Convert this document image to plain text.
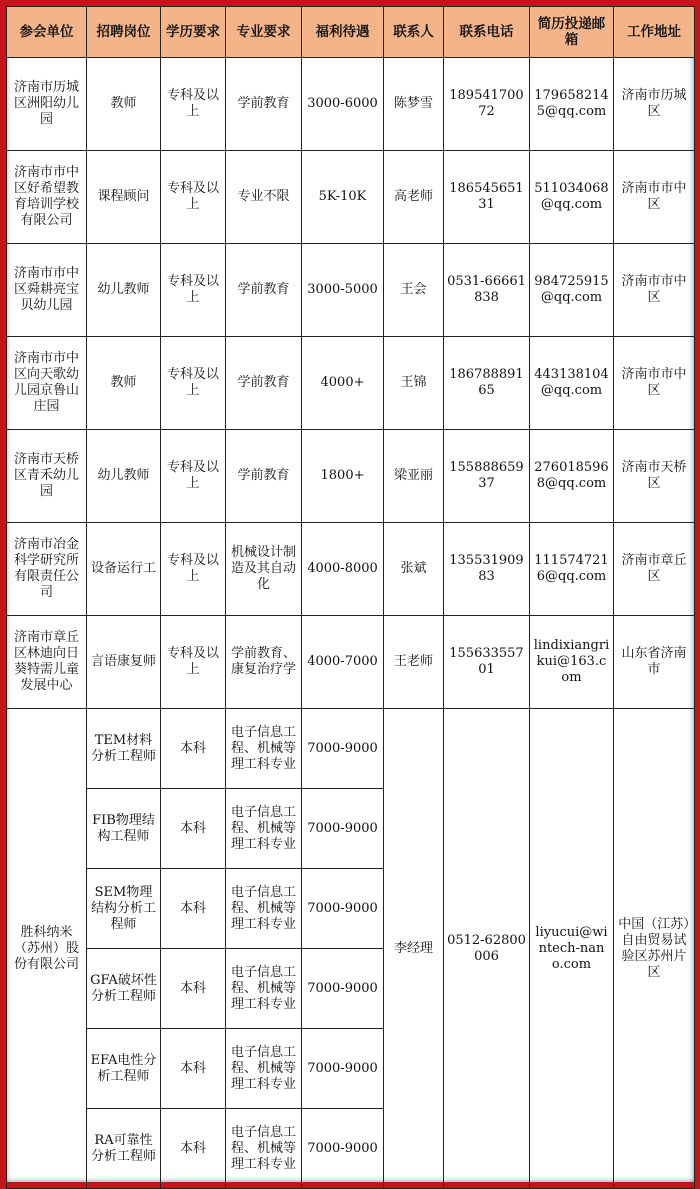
参会单位	招聘岗位	学历要求	专业要求	福利待遇	联系人	联系电话	简历投递邮箱	工作地址
济南市历城区洲阳幼儿园	教师	专科及以上	学前教育	3000-6000	陈梦雪	18954170072	1796582145@qq.com	济南市历城区
济南市市中区好希望教育培训学校有限公司	课程顾问	专科及以上	专业不限	5K-10K	高老师	18654565131	511034068@qq.com	济南市市中区
济南市市中区舜耕亮宝贝幼儿园	幼儿教师	专科及以上	学前教育	3000-5000	王会	0531-66661838	984725915@qq.com	济南市市中区
济南市市中区向天歌幼儿园京鲁山庄园	教师	专科及以上	学前教育	4000+	王锦	18678889165	443138104@qq.com	济南市市中区
济南市天桥区青禾幼儿园	幼儿教师	专科及以上	学前教育	1800+	梁亚丽	15588865937	2760185968@qq.com	济南市天桥区
济南市冶金科学研究所有限责任公司	设备运行工	专科及以上	机械设计制造及其自动化	4000-8000	张斌	13553190983	1115747216@qq.com	济南市章丘区
济南市章丘区林迪向日葵特需儿童发展中心	言语康复师	专科及以上	学前教育、康复治疗学	4000-7000	王老师	15563355701	lindixiangrikui@163.com	山东省济南市
胜科纳米（苏州）股份有限公司	TEM材料分析工程师	本科	电子信息工程、机械等理工科专业	7000-9000	李经理	0512-62800006	liyucui@wintech-nano.com	中国（江苏）自由贸易试验区苏州片区
	FIB物理结构工程师	本科	电子信息工程、机械等理工科专业	7000-9000				
	SEM物理结构分析工程师	本科	电子信息工程、机械等理工科专业	7000-9000				
	GFA破坏性分析工程师	本科	电子信息工程、机械等理工科专业	7000-9000				
	EFA电性分析工程师	本科	电子信息工程、机械等理工科专业	7000-9000				
	RA可靠性分析工程师	本科	电子信息工程、机械等理工科专业	7000-9000				
